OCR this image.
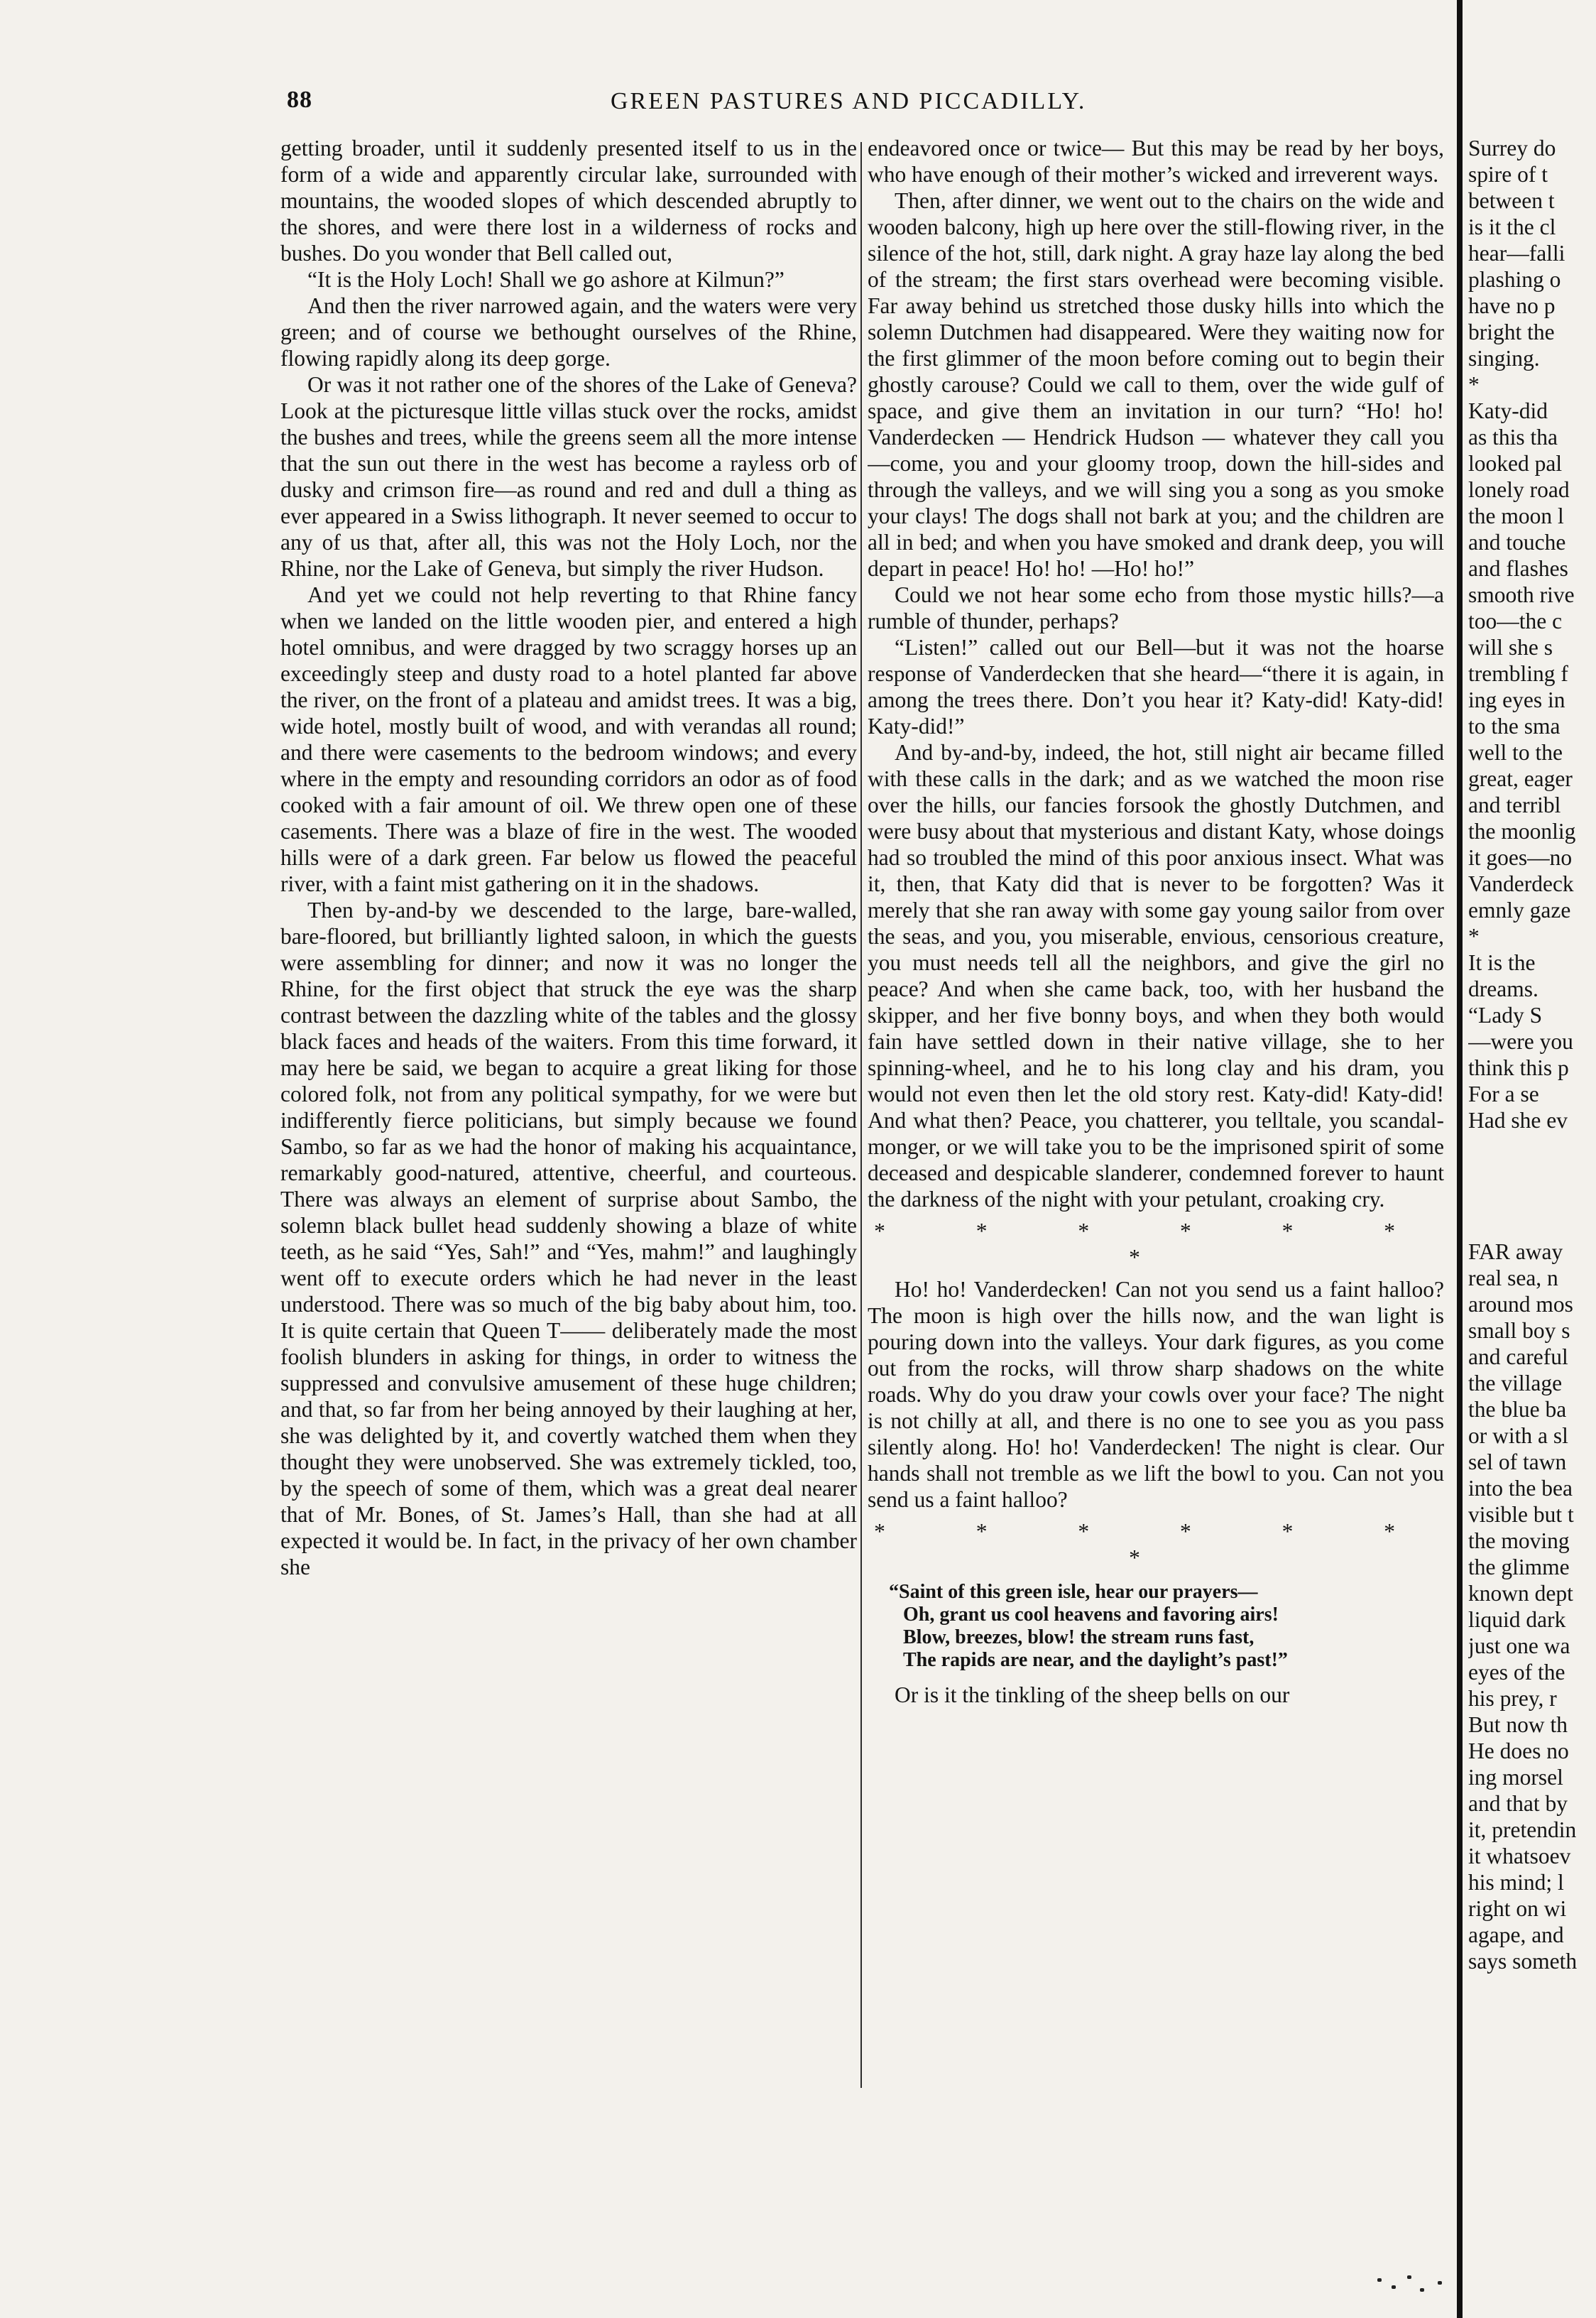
88	GREEN PASTURES AND PICCADILLY.

getting broader, until it suddenly presented itself to us in the form of a wide and apparently circular lake, surrounded with mountains, the wooded slopes of which descended abruptly to the shores, and were there lost in a wilderness of rocks and bushes. Do you wonder that Bell called out,

“It is the Holy Loch! Shall we go ashore at Kilmun?”

And then the river narrowed again, and the waters were very green; and of course we bethought ourselves of the Rhine, flowing rapidly along its deep gorge.

Or was it not rather one of the shores of the Lake of Geneva? Look at the picturesque little villas stuck over the rocks, amidst the bushes and trees, while the greens seem all the more intense that the sun out there in the west has become a rayless orb of dusky and crimson fire—as round and red and dull a thing as ever appeared in a Swiss lithograph. It never seemed to occur to any of us that, after all, this was not the Holy Loch, nor the Rhine, nor the Lake of Geneva, but simply the river Hudson.

And yet we could not help reverting to that Rhine fancy when we landed on the little wooden pier, and entered a high hotel omnibus, and were dragged by two scraggy horses up an exceedingly steep and dusty road to a hotel planted far above the river, on the front of a plateau and amidst trees. It was a big, wide hotel, mostly built of wood, and with verandas all round; and there were casements to the bedroom windows; and every where in the empty and resounding corridors an odor as of food cooked with a fair amount of oil. We threw open one of these casements. There was a blaze of fire in the west. The wooded hills were of a dark green. Far below us flowed the peaceful river, with a faint mist gathering on it in the shadows.

Then by-and-by we descended to the large, bare-walled, bare-floored, but brilliantly lighted saloon, in which the guests were assembling for dinner; and now it was no longer the Rhine, for the first object that struck the eye was the sharp contrast between the dazzling white of the tables and the glossy black faces and heads of the waiters. From this time forward, it may here be said, we began to acquire a great liking for those colored folk, not from any political sympathy, for we were but indifferently fierce politicians, but simply because we found Sambo, so far as we had the honor of making his acquaintance, remarkably good-natured, attentive, cheerful, and courteous. There was always an element of surprise about Sambo, the solemn black bullet head suddenly showing a blaze of white teeth, as he said “Yes, Sah!” and “Yes, mahm!” and laughingly went off to execute orders which he had never in the least understood. There was so much of the big baby about him, too. It is quite certain that Queen T—— deliberately made the most foolish blunders in asking for things, in order to witness the suppressed and convulsive amusement of these huge children; and that, so far from her being annoyed by their laughing at her, she was delighted by it, and covertly watched them when they thought they were unobserved. She was extremely tickled, too, by the speech of some of them, which was a great deal nearer that of Mr. Bones, of St. James’s Hall, than she had at all expected it would be. In fact, in the privacy of her own chamber she

endeavored once or twice— But this may be read by her boys, who have enough of their mother’s wicked and irreverent ways.

Then, after dinner, we went out to the chairs on the wide and wooden balcony, high up here over the still-flowing river, in the silence of the hot, still, dark night. A gray haze lay along the bed of the stream; the first stars overhead were becoming visible. Far away behind us stretched those dusky hills into which the solemn Dutchmen had disappeared. Were they waiting now for the first glimmer of the moon before coming out to begin their ghostly carouse? Could we call to them, over the wide gulf of space, and give them an invitation in our turn? “Ho! ho! Vanderdecken — Hendrick Hudson — whatever they call you—come, you and your gloomy troop, down the hill-sides and through the valleys, and we will sing you a song as you smoke your clays! The dogs shall not bark at you; and the children are all in bed; and when you have smoked and drank deep, you will depart in peace! Ho! ho! —Ho! ho!”

Could we not hear some echo from those mystic hills?—a rumble of thunder, perhaps?

“Listen!” called out our Bell—but it was not the hoarse response of Vanderdecken that she heard—“there it is again, in among the trees there. Don’t you hear it? Katy-did! Katy-did! Katy-did!”

And by-and-by, indeed, the hot, still night air became filled with these calls in the dark; and as we watched the moon rise over the hills, our fancies forsook the ghostly Dutchmen, and were busy about that mysterious and distant Katy, whose doings had so troubled the mind of this poor anxious insect. What was it, then, that Katy did that is never to be forgotten? Was it merely that she ran away with some gay young sailor from over the seas, and you, you miserable, envious, censorious creature, you must needs tell all the neighbors, and give the girl no peace? And when she came back, too, with her husband the skipper, and her five bonny boys, and when they both would fain have settled down in their native village, she to her spinning-wheel, and he to his long clay and his dram, you would not even then let the old story rest. Katy-did! Katy-did! And what then? Peace, you chatterer, you telltale, you scandal-monger, or we will take you to be the imprisoned spirit of some deceased and despicable slanderer, condemned forever to haunt the darkness of the night with your petulant, croaking cry.

* * * * * * *

Ho! ho! Vanderdecken! Can not you send us a faint halloo? The moon is high over the hills now, and the wan light is pouring down into the valleys. Your dark figures, as you come out from the rocks, will throw sharp shadows on the white roads. Why do you draw your cowls over your face? The night is not chilly at all, and there is no one to see you as you pass silently along. Ho! ho! Vanderdecken! The night is clear. Our hands shall not tremble as we lift the bowl to you. Can not you send us a faint halloo?

* * * * * * *

“Saint of this green isle, hear our prayers—
Oh, grant us cool heavens and favoring airs!
Blow, breezes, blow! the stream runs fast,
The rapids are near, and the daylight’s past!”

Or is it the tinkling of the sheep bells on our

Surrey do
spire of t
between t
is it the cl
hear—falli
plashing o
have no p
bright the
singing.
*
Katy-did
as this tha
looked pal
lonely road
the moon l
and touche
and flashes
smooth rive
too—the c
will she s
trembling f
ing eyes in
to the sma
well to the
great, eager
and terribl
the moonlig
it goes—no
Vanderdeck
emnly gaze
*
It is the
dreams.
“Lady S
—were you
think this p
For a se
Had she ev
FAR away
real sea, n
around mos
small boy s
and careful
the village
the blue ba
or with a sl
sel of tawn
into the bea
visible but t
the moving
the glimme
known dept
liquid dark
just one wa
eyes of the
his prey, r
But now th
He does no
ing morsel
and that by
it, pretendin
it whatsoev
his mind; l
right on wi
agape, and
says someth
